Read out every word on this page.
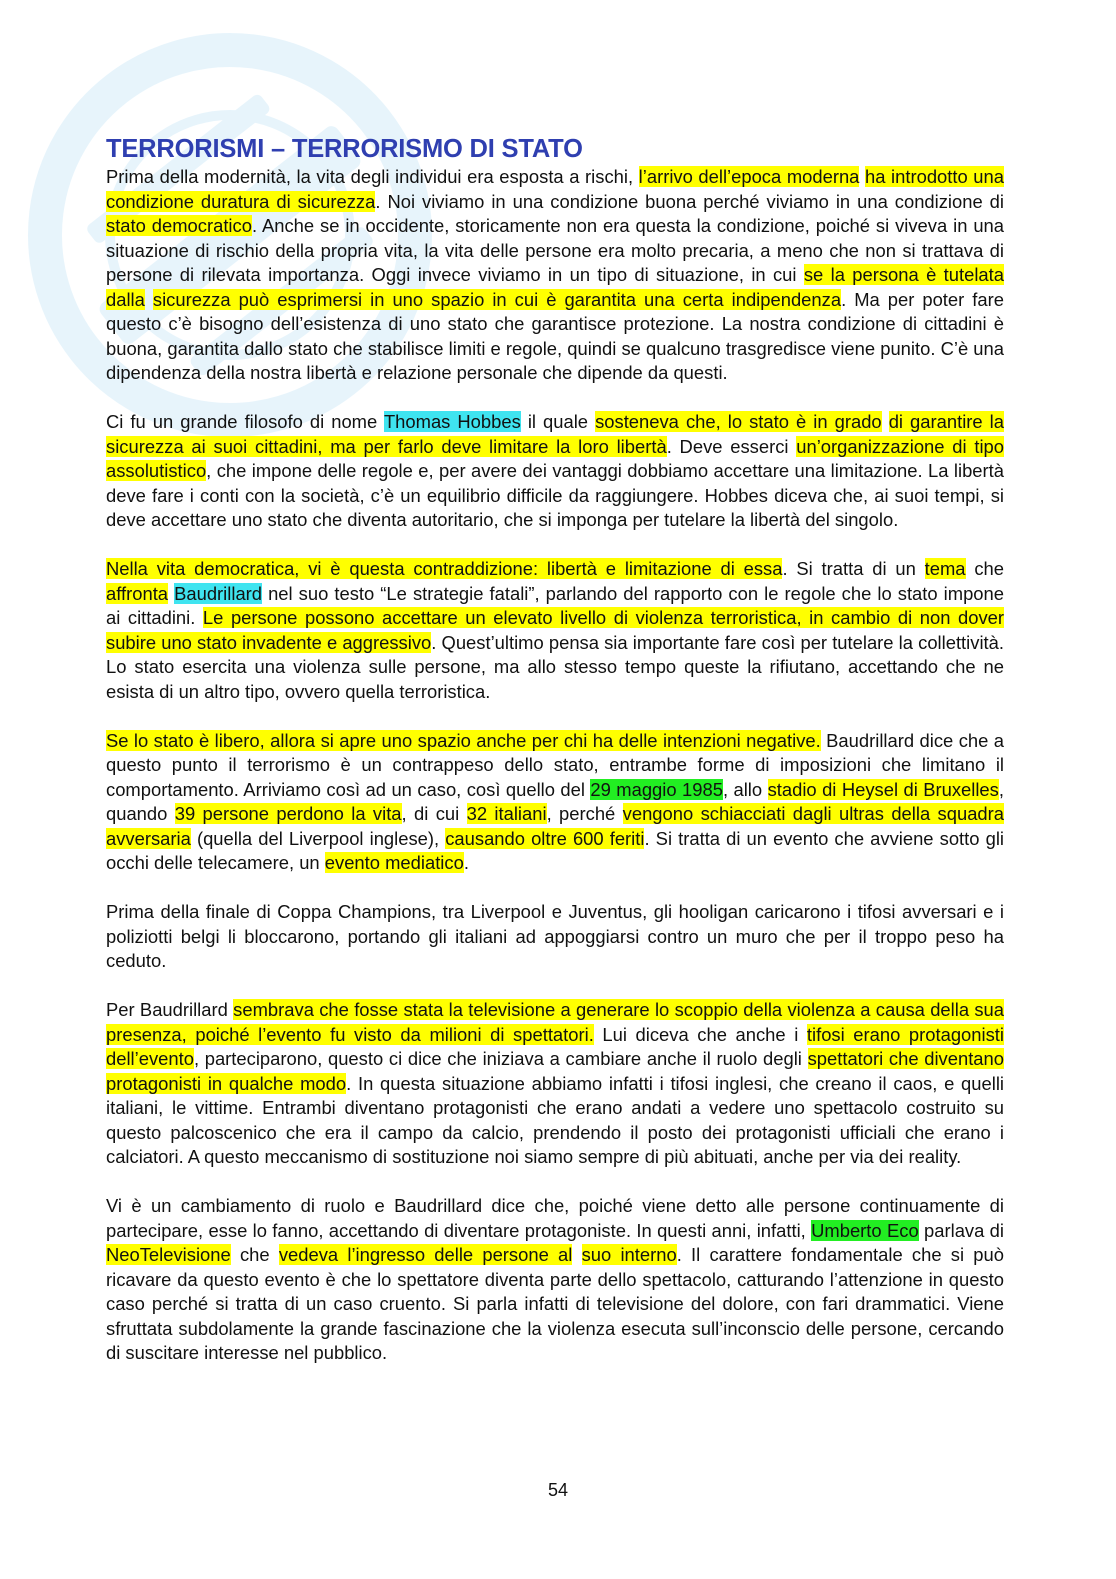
TERRORISMI – TERRORISMO DI STATO

Prima della modernità, la vita degli individui era esposta a rischi, l’arrivo dell’epoca moderna ha introdotto una condizione duratura di sicurezza. Noi viviamo in una condizione buona perché viviamo in una condizione di stato democratico. Anche se in occidente, storicamente non era questa la condizione, poiché si viveva in una situazione di rischio della propria vita, la vita delle persone era molto precaria, a meno che non si trattava di persone di rilevata importanza. Oggi invece viviamo in un tipo di situazione, in cui se la persona è tutelata dalla sicurezza può esprimersi in uno spazio in cui è garantita una certa indipendenza. Ma per poter fare questo c’è bisogno dell’esistenza di uno stato che garantisce protezione. La nostra condizione di cittadini è buona, garantita dallo stato che stabilisce limiti e regole, quindi se qualcuno trasgredisce viene punito. C’è una dipendenza della nostra libertà e relazione personale che dipende da questi.

Ci fu un grande filosofo di nome Thomas Hobbes il quale sosteneva che, lo stato è in grado di garantire la sicurezza ai suoi cittadini, ma per farlo deve limitare la loro libertà. Deve esserci un’organizzazione di tipo assolutistico, che impone delle regole e, per avere dei vantaggi dobbiamo accettare una limitazione. La libertà deve fare i conti con la società, c’è un equilibrio difficile da raggiungere. Hobbes diceva che, ai suoi tempi, si deve accettare uno stato che diventa autoritario, che si imponga per tutelare la libertà del singolo.

Nella vita democratica, vi è questa contraddizione: libertà e limitazione di essa. Si tratta di un tema che affronta Baudrillard nel suo testo “Le strategie fatali”, parlando del rapporto con le regole che lo stato impone ai cittadini. Le persone possono accettare un elevato livello di violenza terroristica, in cambio di non dover subire uno stato invadente e aggressivo. Quest’ultimo pensa sia importante fare così per tutelare la collettività. Lo stato esercita una violenza sulle persone, ma allo stesso tempo queste la rifiutano, accettando che ne esista di un altro tipo, ovvero quella terroristica.

Se lo stato è libero, allora si apre uno spazio anche per chi ha delle intenzioni negative. Baudrillard dice che a questo punto il terrorismo è un contrappeso dello stato, entrambe forme di imposizioni che limitano il comportamento. Arriviamo così ad un caso, così quello del 29 maggio 1985, allo stadio di Heysel di Bruxelles, quando 39 persone perdono la vita, di cui 32 italiani, perché vengono schiacciati dagli ultras della squadra avversaria (quella del Liverpool inglese), causando oltre 600 feriti. Si tratta di un evento che avviene sotto gli occhi delle telecamere, un evento mediatico.

Prima della finale di Coppa Champions, tra Liverpool e Juventus, gli hooligan caricarono i tifosi avversari e i poliziotti belgi li bloccarono, portando gli italiani ad appoggiarsi contro un muro che per il troppo peso ha ceduto.

Per Baudrillard sembrava che fosse stata la televisione a generare lo scoppio della violenza a causa della sua presenza, poiché l’evento fu visto da milioni di spettatori. Lui diceva che anche i tifosi erano protagonisti dell’evento, parteciparono, questo ci dice che iniziava a cambiare anche il ruolo degli spettatori che diventano protagonisti in qualche modo. In questa situazione abbiamo infatti i tifosi inglesi, che creano il caos, e quelli italiani, le vittime. Entrambi diventano protagonisti che erano andati a vedere uno spettacolo costruito su questo palcoscenico che era il campo da calcio, prendendo il posto dei protagonisti ufficiali che erano i calciatori. A questo meccanismo di sostituzione noi siamo sempre di più abituati, anche per via dei reality.

Vi è un cambiamento di ruolo e Baudrillard dice che, poiché viene detto alle persone continuamente di partecipare, esse lo fanno, accettando di diventare protagoniste. In questi anni, infatti, Umberto Eco parlava di NeoTelevisione che vedeva l’ingresso delle persone al suo interno. Il carattere fondamentale che si può ricavare da questo evento è che lo spettatore diventa parte dello spettacolo, catturando l’attenzione in questo caso perché si tratta di un caso cruento. Si parla infatti di televisione del dolore, con fari drammatici. Viene sfruttata subdolamente la grande fascinazione che la violenza esecuta sull’inconscio delle persone, cercando di suscitare interesse nel pubblico.

54
